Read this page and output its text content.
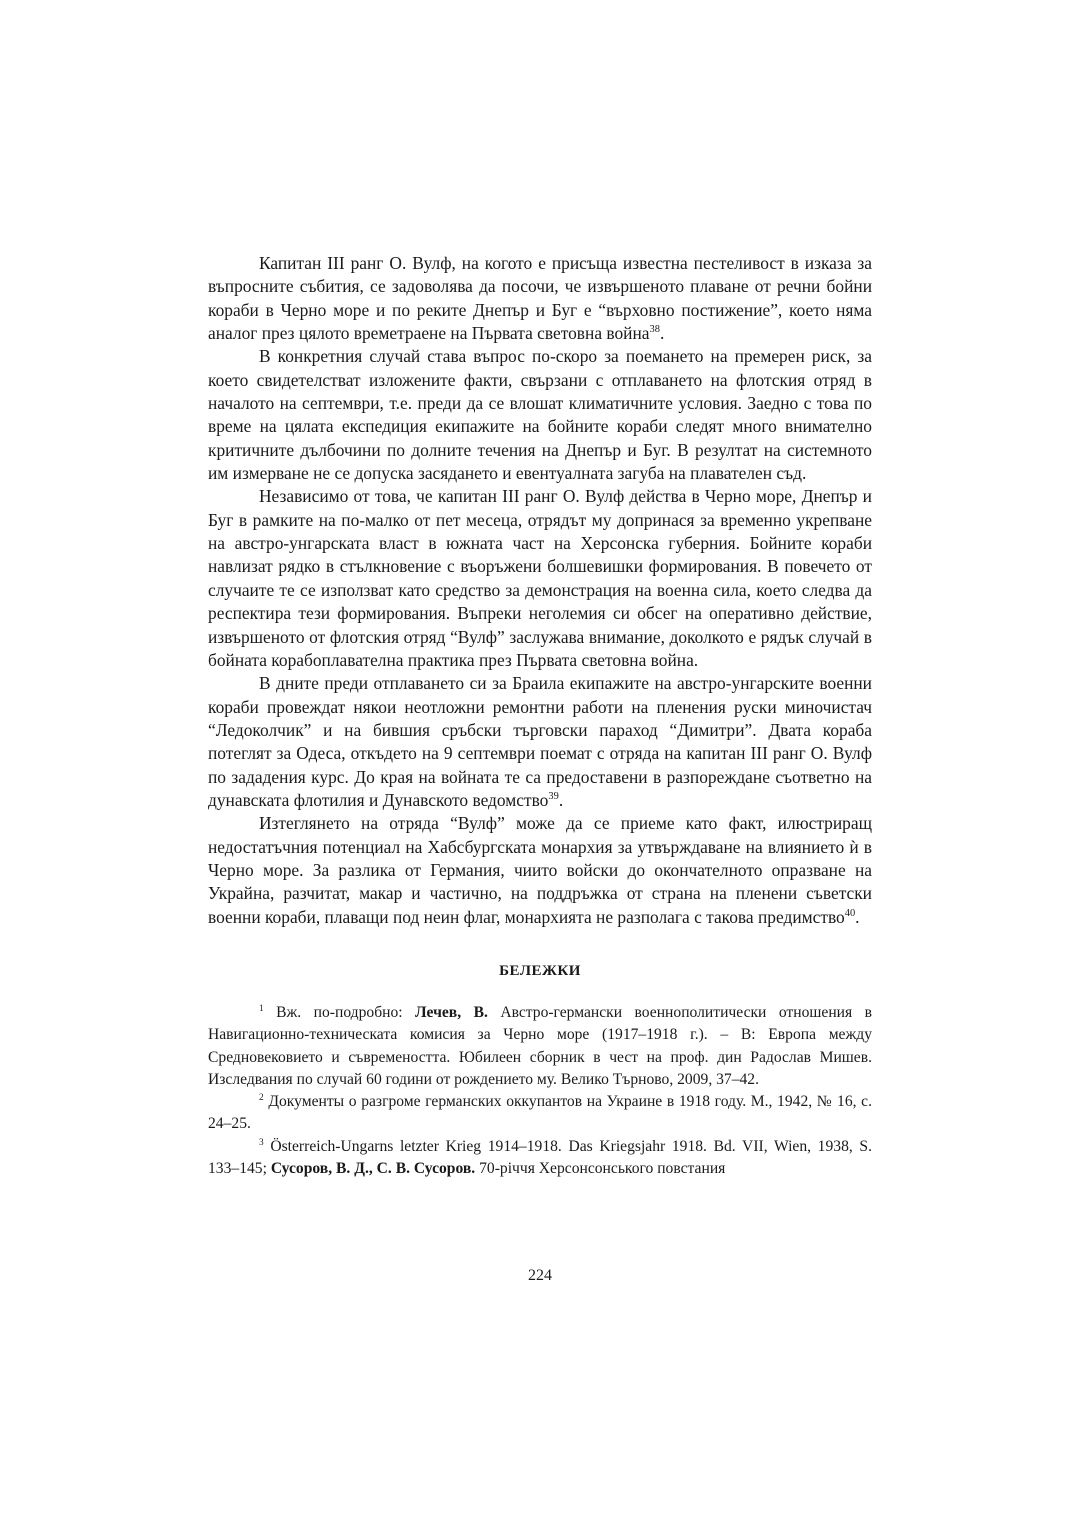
Капитан III ранг О. Вулф, на когото е присъща известна пестеливост в изказа за въпросните събития, се задоволява да посочи, че извършеното плаване от речни бойни кораби в Черно море и по реките Днепър и Буг е “върховно постижение”, което няма аналог през цялото времетраене на Първата световна война$^{38}$.

В конкретния случай става въпрос по-скоро за поемането на премерен риск, за което свидетелстват изложените факти, свързани с отплаването на флотския отряд в началото на септември, т.е. преди да се влошат климатичните условия. Заедно с това по време на цялата експедиция екипажите на бойните кораби следят много внимателно критичните дълбочини по долните течения на Днепър и Буг. В резултат на системното им измерване не се допуска засядането и евентуалната загуба на плавателен съд.

Независимо от това, че капитан III ранг О. Вулф действа в Черно море, Днепър и Буг в рамките на по-малко от пет месеца, отрядът му допринася за временно укрепване на австро-унгарската власт в южната част на Херсонска губерния. Бойните кораби навлизат рядко в стълкновение с въоръжени болшевишки формирования. В повечето от случаите те се използват като средство за демонстрация на военна сила, което следва да респектира тези формирования. Въпреки неголемия си обсег на оперативно действие, извършеното от флотския отряд “Вулф” заслужава внимание, доколкото е рядък случай в бойната корабоплавателна практика през Първата световна война.

В дните преди отплаването си за Браила екипажите на австро-унгарските военни кораби провеждат някои неотложни ремонтни работи на пленения руски миночистач “Ледоколчик” и на бившия сръбски търговски параход “Димитри”. Двата кораба потеглят за Одеса, откъдето на 9 септември поемат с отряда на капитан III ранг О. Вулф по зададения курс. До края на войната те са предоставени в разпореждане съответно на дунавската флотилия и Дунавското ведомство$^{39}$.

Изтеглянето на отряда “Вулф” може да се приеме като факт, илюстриращ недостатъчния потенциал на Хабсбургската монархия за утвърждаване на влиянието ѝ в Черно море. За разлика от Германия, чиито войски до окончателното опразване на Украйна, разчитат, макар и частично, на поддръжка от страна на пленени съветски военни кораби, плаващи под неин флаг, монархията не разполага с такова предимство$^{40}$.

БЕЛЕЖКИ

$^1$ Вж. по-подробно: Лечев, В. Австро-германски военнополитически отношения в Навигационно-техническата комисия за Черно море (1917–1918 г.). – В: Европа между Средновековието и съвремеността. Юбилеен сборник в чест на проф. дин Радослав Мишев. Изследвания по случай 60 години от рождението му. Велико Търново, 2009, 37–42.

$^2$ Документы о разгроме германских оккупантов на Украине в 1918 году. М., 1942, № 16, с. 24–25.

$^3$ Österreich-Ungarns letzter Krieg 1914–1918. Das Kriegsjahr 1918. Bd. VII, Wien, 1938, S. 133–145; Сусоров, В. Д., С. В. Сусоров. 70-рiччя Херсонсонського повстания

224
